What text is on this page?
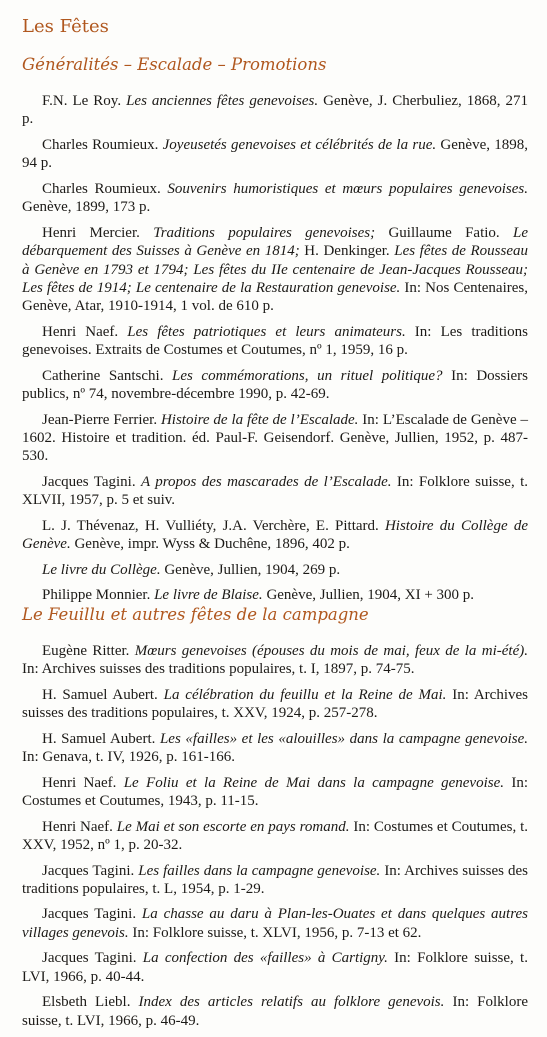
Les Fêtes
Généralités – Escalade – Promotions

F.N. Le Roy. Les anciennes fêtes genevoises. Genève, J. Cherbuliez, 1868, 271 p.

Charles Roumieux. Joyeusetés genevoises et célébrités de la rue. Genève, 1898, 94 p.

Charles Roumieux. Souvenirs humoristiques et mœurs populaires genevoises. Genève, 1899, 173 p.

Henri Mercier. Traditions populaires genevoises; Guillaume Fatio. Le débarquement des Suisses à Genève en 1814; H. Denkinger. Les fêtes de Rousseau à Genève en 1793 et 1794; Les fêtes du IIe centenaire de Jean-Jacques Rousseau; Les fêtes de 1914; Le centenaire de la Restauration genevoise. In: Nos Centenaires, Genève, Atar, 1910-1914, 1 vol. de 610 p.

Henri Naef. Les fêtes patriotiques et leurs animateurs. In: Les traditions genevoises. Extraits de Costumes et Coutumes, nº 1, 1959, 16 p.

Catherine Santschi. Les commémorations, un rituel politique? In: Dossiers publics, nº 74, novembre-décembre 1990, p. 42-69.

Jean-Pierre Ferrier. Histoire de la fête de l’Escalade. In: L’Escalade de Genève – 1602. Histoire et tradition. éd. Paul-F. Geisendorf. Genève, Jullien, 1952, p. 487-530.

Jacques Tagini. A propos des mascarades de l’Escalade. In: Folklore suisse, t. XLVII, 1957, p. 5 et suiv.

L. J. Thévenaz, H. Vulliéty, J.A. Verchère, E. Pittard. Histoire du Collège de Genève. Genève, impr. Wyss & Duchêne, 1896, 402 p.

Le livre du Collège. Genève, Jullien, 1904, 269 p.

Philippe Monnier. Le livre de Blaise. Genève, Jullien, 1904, XI + 300 p.

Le Feuillu et autres fêtes de la campagne

Eugène Ritter. Mœurs genevoises (épouses du mois de mai, feux de la mi-été). In: Archives suisses des traditions populaires, t. I, 1897, p. 74-75.

H. Samuel Aubert. La célébration du feuillu et la Reine de Mai. In: Archives suisses des traditions populaires, t. XXV, 1924, p. 257-278.

H. Samuel Aubert. Les «failles» et les «alouilles» dans la campagne genevoise. In: Genava, t. IV, 1926, p. 161-166.

Henri Naef. Le Foliu et la Reine de Mai dans la campagne genevoise. In: Costumes et Coutumes, 1943, p. 11-15.

Henri Naef. Le Mai et son escorte en pays romand. In: Costumes et Coutumes, t. XXV, 1952, nº 1, p. 20-32.

Jacques Tagini. Les failles dans la campagne genevoise. In: Archives suisses des traditions populaires, t. L, 1954, p. 1-29.

Jacques Tagini. La chasse au daru à Plan-les-Ouates et dans quelques autres villages genevois. In: Folklore suisse, t. XLVI, 1956, p. 7-13 et 62.

Jacques Tagini. La confection des «failles» à Cartigny. In: Folklore suisse, t. LVI, 1966, p. 40-44.

Elsbeth Liebl. Index des articles relatifs au folklore genevois. In: Folklore suisse, t. LVI, 1966, p. 46-49.
